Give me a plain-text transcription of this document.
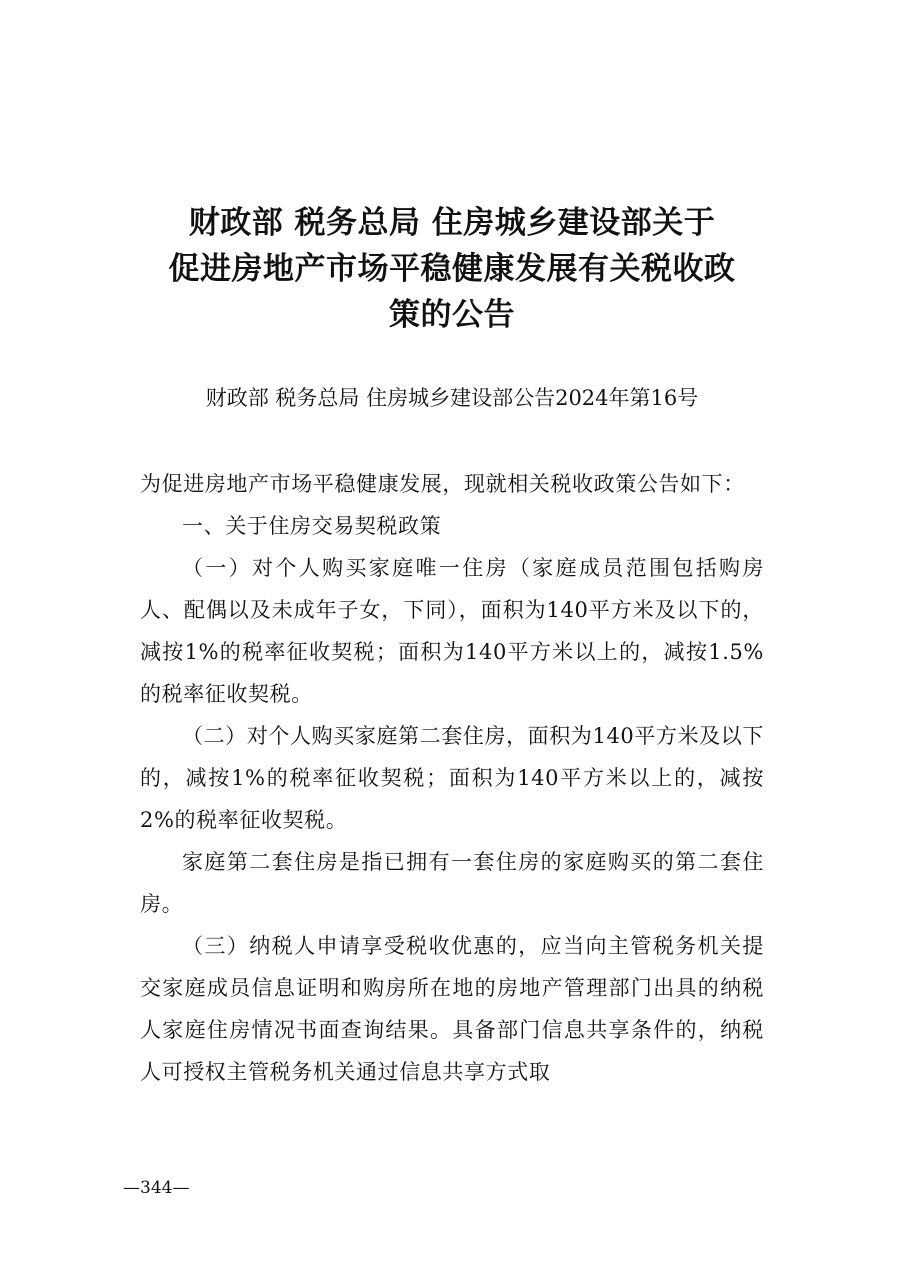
财政部 税务总局 住房城乡建设部关于
促进房地产市场平稳健康发展有关税收政
策的公告
财政部 税务总局 住房城乡建设部公告2024年第16号

为促进房地产市场平稳健康发展，现就相关税收政策公告如下：

一、关于住房交易契税政策

（一）对个人购买家庭唯一住房（家庭成员范围包括购房人、配偶以及未成年子女，下同），面积为140平方米及以下的，减按1%的税率征收契税；面积为140平方米以上的，减按1.5%的税率征收契税。

（二）对个人购买家庭第二套住房，面积为140平方米及以下的，减按1%的税率征收契税；面积为140平方米以上的，减按2%的税率征收契税。

家庭第二套住房是指已拥有一套住房的家庭购买的第二套住房。

（三）纳税人申请享受税收优惠的，应当向主管税务机关提交家庭成员信息证明和购房所在地的房地产管理部门出具的纳税人家庭住房情况书面查询结果。具备部门信息共享条件的，纳税人可授权主管税务机关通过信息共享方式取

—344—
